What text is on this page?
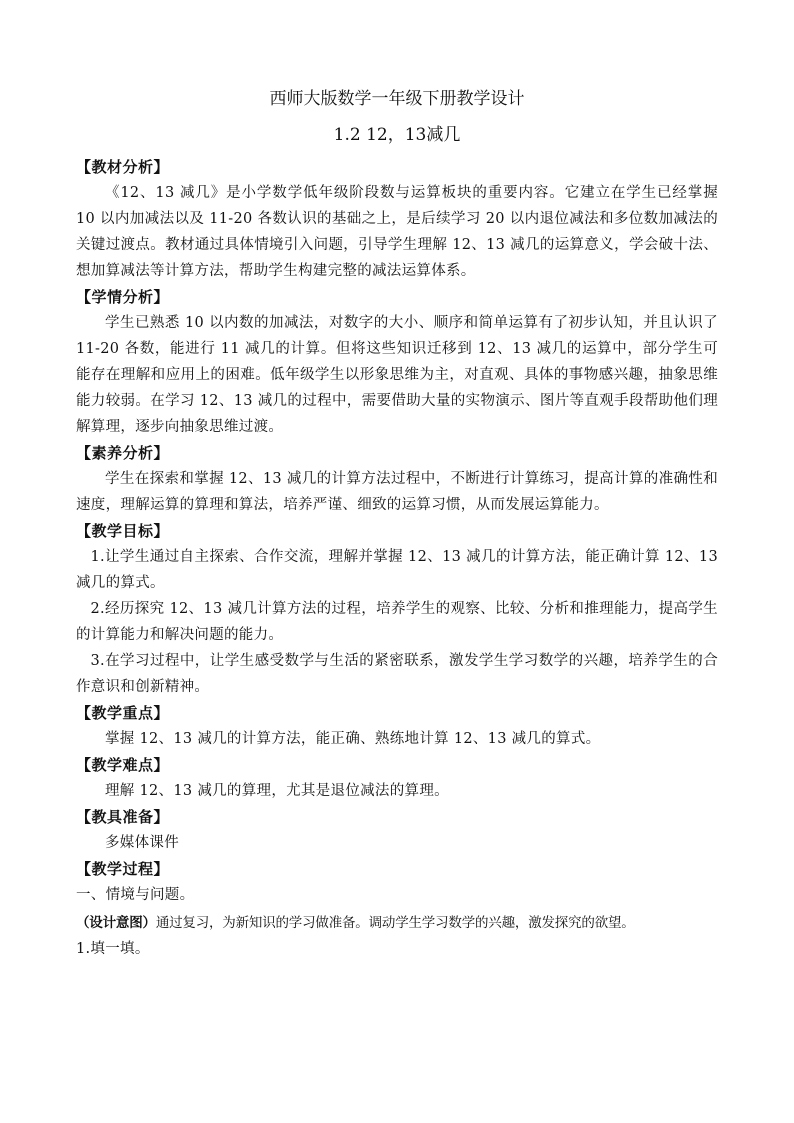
西师大版数学一年级下册教学设计

1.2 12，13减几

【教材分析】

《12、13 减几》是小学数学低年级阶段数与运算板块的重要内容。它建立在学生已经掌握 10 以内加减法以及 11-20 各数认识的基础之上，是后续学习 20 以内退位减法和多位数加减法的关键过渡点。教材通过具体情境引入问题，引导学生理解 12、13 减几的运算意义，学会破十法、想加算减法等计算方法，帮助学生构建完整的减法运算体系。

【学情分析】

学生已熟悉 10 以内数的加减法，对数字的大小、顺序和简单运算有了初步认知，并且认识了 11-20 各数，能进行 11 减几的计算。但将这些知识迁移到 12、13 减几的运算中，部分学生可能存在理解和应用上的困难。低年级学生以形象思维为主，对直观、具体的事物感兴趣，抽象思维能力较弱。在学习 12、13 减几的过程中，需要借助大量的实物演示、图片等直观手段帮助他们理解算理，逐步向抽象思维过渡。

【素养分析】

学生在探索和掌握 12、13 减几的计算方法过程中，不断进行计算练习，提高计算的准确性和速度，理解运算的算理和算法，培养严谨、细致的运算习惯，从而发展运算能力。

【教学目标】

1.让学生通过自主探索、合作交流，理解并掌握 12、13 减几的计算方法，能正确计算 12、13 减几的算式。

2.经历探究 12、13 减几计算方法的过程，培养学生的观察、比较、分析和推理能力，提高学生的计算能力和解决问题的能力。

3.在学习过程中，让学生感受数学与生活的紧密联系，激发学生学习数学的兴趣，培养学生的合作意识和创新精神。

【教学重点】

掌握 12、13 减几的计算方法，能正确、熟练地计算 12、13 减几的算式。

【教学难点】

理解 12、13 减几的算理，尤其是退位减法的算理。

【教具准备】

多媒体课件

【教学过程】

一、情境与问题。

（设计意图）通过复习，为新知识的学习做准备。调动学生学习数学的兴趣，激发探究的欲望。

1.填一填。
